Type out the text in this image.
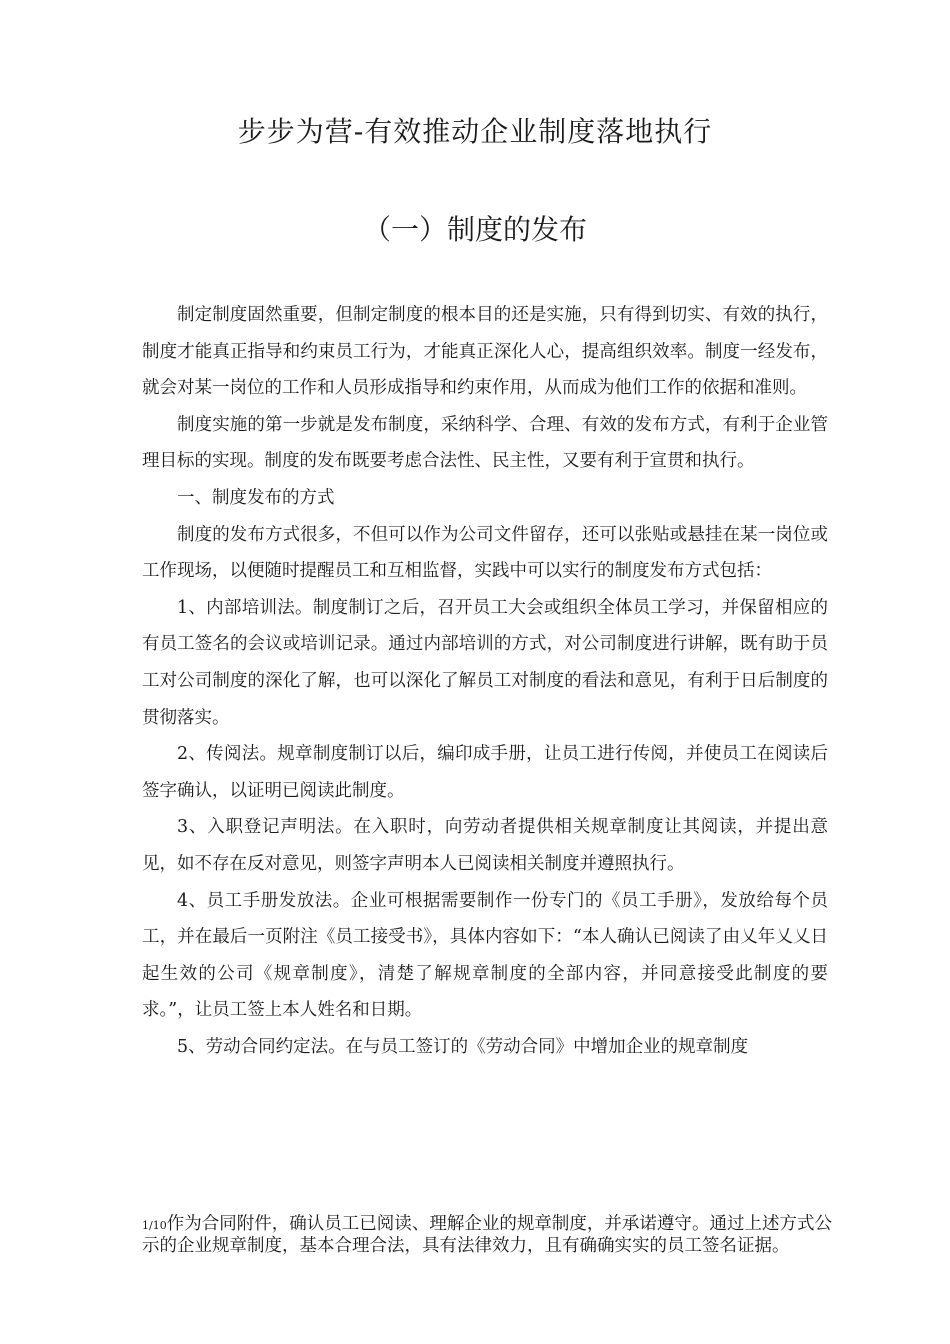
步步为营-有效推动企业制度落地执行
（一）制度的发布

制定制度固然重要，但制定制度的根本目的还是实施，只有得到切实、有效的执行，制度才能真正指导和约束员工行为，才能真正深化人心，提高组织效率。制度一经发布，就会对某一岗位的工作和人员形成指导和约束作用，从而成为他们工作的依据和准则。

制度实施的第一步就是发布制度，采纳科学、合理、有效的发布方式，有利于企业管理目标的实现。制度的发布既要考虑合法性、民主性，又要有利于宣贯和执行。

一、制度发布的方式

制度的发布方式很多，不但可以作为公司文件留存，还可以张贴或悬挂在某一岗位或工作现场，以便随时提醒员工和互相监督，实践中可以实行的制度发布方式包括：

1、内部培训法。制度制订之后，召开员工大会或组织全体员工学习，并保留相应的有员工签名的会议或培训记录。通过内部培训的方式，对公司制度进行讲解，既有助于员工对公司制度的深化了解，也可以深化了解员工对制度的看法和意见，有利于日后制度的贯彻落实。

2、传阅法。规章制度制订以后，编印成手册，让员工进行传阅，并使员工在阅读后签字确认，以证明已阅读此制度。

3、入职登记声明法。在入职时，向劳动者提供相关规章制度让其阅读，并提出意见，如不存在反对意见，则签字声明本人已阅读相关制度并遵照执行。

4、员工手册发放法。企业可根据需要制作一份专门的《员工手册》，发放给每个员工，并在最后一页附注《员工接受书》，具体内容如下：“本人确认已阅读了由乂年乂乂日起生效的公司《规章制度》，清楚了解规章制度的全部内容，并同意接受此制度的要求。”，让员工签上本人姓名和日期。

5、劳动合同约定法。在与员工签订的《劳动合同》中增加企业的规章制度

1/10作为合同附件，确认员工已阅读、理解企业的规章制度，并承诺遵守。通过上述方式公示的企业规章制度，基本合理合法，具有法律效力，且有确确实实的员工签名证据。
